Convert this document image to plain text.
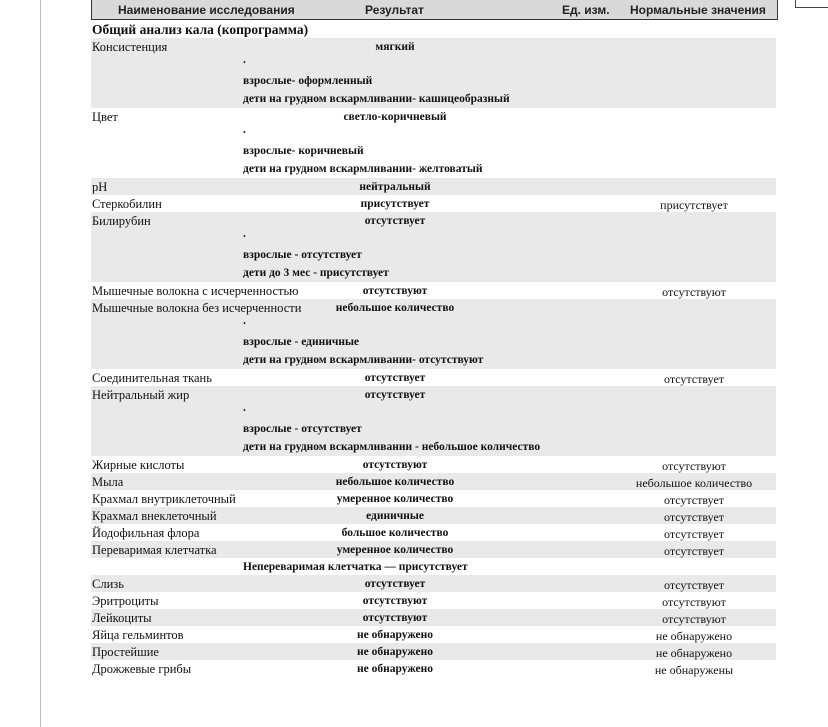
Наименование исследования	Результат	Ед. изм. Нормальные значения
Общий анализ кала (копрограмма)
Консистенция	мягкий
.
взрослые- оформленный
дети на грудном вскармливании- кашицеобразный
Цвет	светло-коричневый
.
взрослые- коричневый
дети на грудном вскармливании- желтоватый
pH	нейтральный
Стеркобилин	присутствует	присутствует
Билирубин	отсутствует
.
взрослые - отсутствует
дети до 3 мес - присутствует
Мышечные волокна с исчерченностью	отсутствуют	отсутствуют
Мышечные волокна без исчерченности	небольшое количество
.
взрослые - единичные
дети на грудном вскармливании- отсутствуют
Соединительная ткань	отсутствует	отсутствует
Нейтральный жир	отсутствует
.
взрослые - отсутствует
дети на грудном вскармливании - небольшое количество
Жирные кислоты	отсутствуют	отсутствуют
Мыла	небольшое количество	небольшое количество
Крахмал внутриклеточный	умеренное количество	отсутствует
Крахмал внеклеточный	единичные	отсутствует
Йодофильная флора	большое количество	отсутствует
Переваримая клетчатка	умеренное количество	отсутствует
Непереваримая клетчатка — присутствует
Слизь	отсутствует	отсутствует
Эритроциты	отсутствуют	отсутствуют
Лейкоциты	отсутствуют	отсутствуют
Яйца гельминтов	не обнаружено	не обнаружено
Простейшие	не обнаружено	не обнаружено
Дрожжевые грибы	не обнаружено	не обнаружены
